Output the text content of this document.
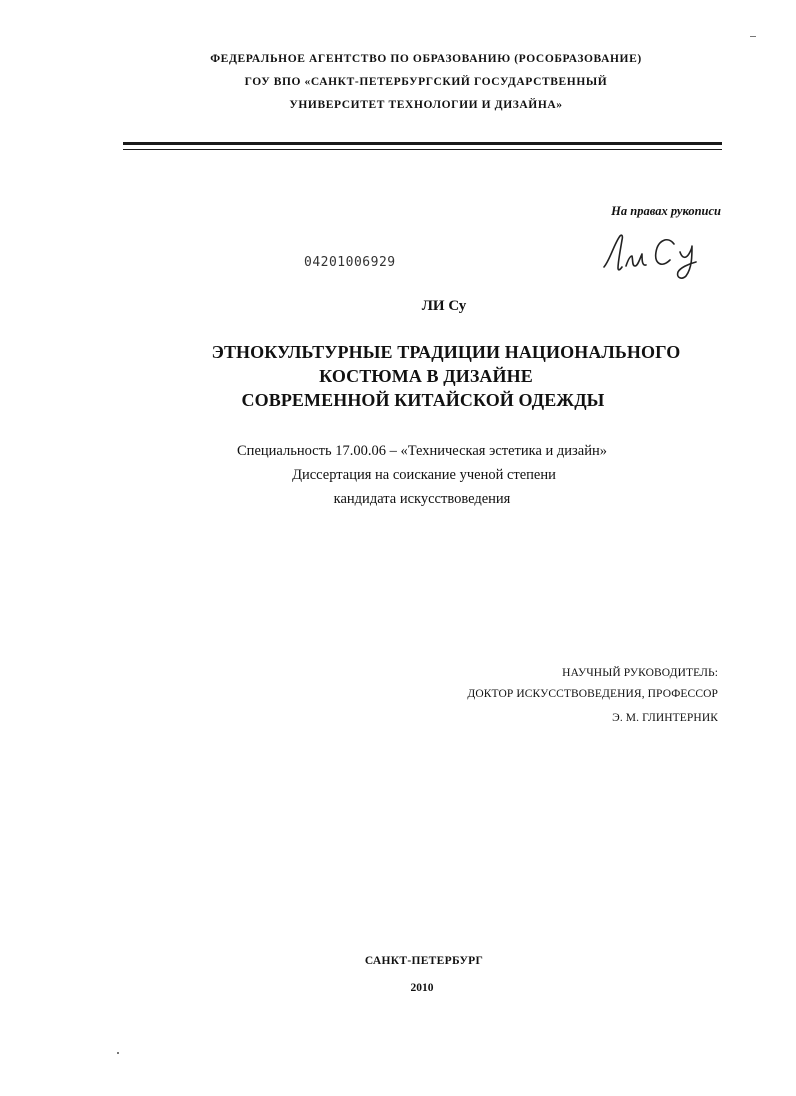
ФЕДЕРАЛЬНОЕ АГЕНТСТВО ПО ОБРАЗОВАНИЮ (РОСОБРАЗОВАНИЕ)
ГОУ ВПО «САНКТ-ПЕТЕРБУРГСКИЙ ГОСУДАРСТВЕННЫЙ
УНИВЕРСИТЕТ ТЕХНОЛОГИИ И ДИЗАЙНА»
На правах рукописи
04201006929
ЛИ Су
ЭТНОКУЛЬТУРНЫЕ ТРАДИЦИИ НАЦИОНАЛЬНОГО
КОСТЮМА В ДИЗАЙНЕ
СОВРЕМЕННОЙ КИТАЙСКОЙ ОДЕЖДЫ
Специальность 17.00.06 – «Техническая эстетика и дизайн»
Диссертация на соискание ученой степени
кандидата искусствоведения
НАУЧНЫЙ РУКОВОДИТЕЛЬ:
ДОКТОР ИСКУССТВОВЕДЕНИЯ, ПРОФЕССОР
Э. М. ГЛИНТЕРНИК
САНКТ-ПЕТЕРБУРГ
2010
